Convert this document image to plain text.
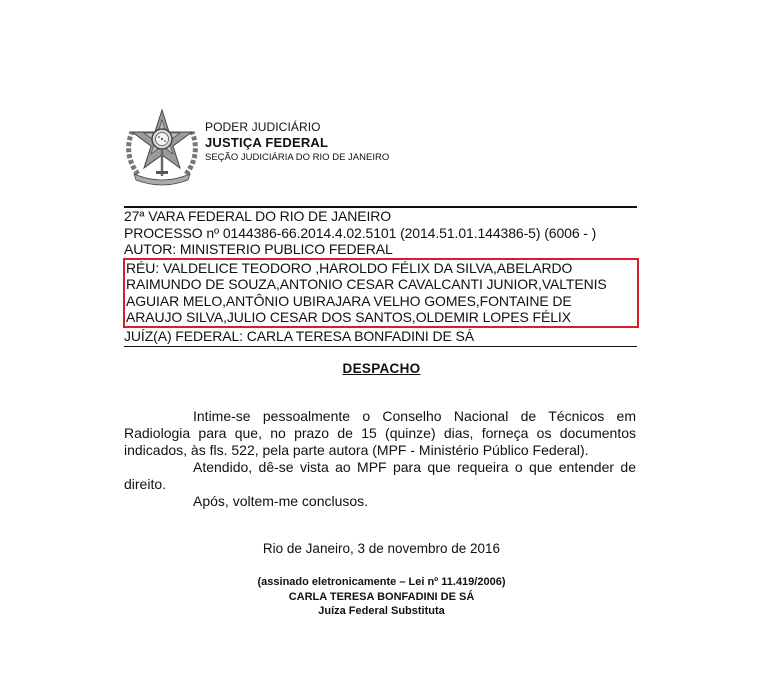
PODER JUDICIÁRIO
JUSTIÇA FEDERAL
SEÇÃO JUDICIÁRIA DO RIO DE JANEIRO
27ª VARA FEDERAL DO RIO DE JANEIRO
PROCESSO nº 0144386-66.2014.4.02.5101 (2014.51.01.144386-5) (6006 - )
AUTOR: MINISTERIO PUBLICO FEDERAL
RÉU: VALDELICE TEODORO ,HAROLDO FÉLIX DA SILVA,ABELARDO
RAIMUNDO DE SOUZA,ANTONIO CESAR CAVALCANTI JUNIOR,VALTENIS
AGUIAR MELO,ANTÔNIO UBIRAJARA VELHO GOMES,FONTAINE DE
ARAUJO SILVA,JULIO CESAR DOS SANTOS,OLDEMIR LOPES FÉLIX
JUÍZ(A) FEDERAL: CARLA TERESA BONFADINI DE SÁ
DESPACHO

Intime-se pessoalmente o Conselho Nacional de Técnicos em Radiologia para que, no prazo de 15 (quinze) dias, forneça os documentos indicados, às fls. 522, pela parte autora (MPF - Ministério Público Federal).

Atendido, dê-se vista ao MPF para que requeira o que entender de direito.

Após, voltem-me conclusos.

Rio de Janeiro, 3 de novembro de 2016
(assinado eletronicamente – Lei nº 11.419/2006)
CARLA TERESA BONFADINI DE SÁ
Juíza Federal Substituta
